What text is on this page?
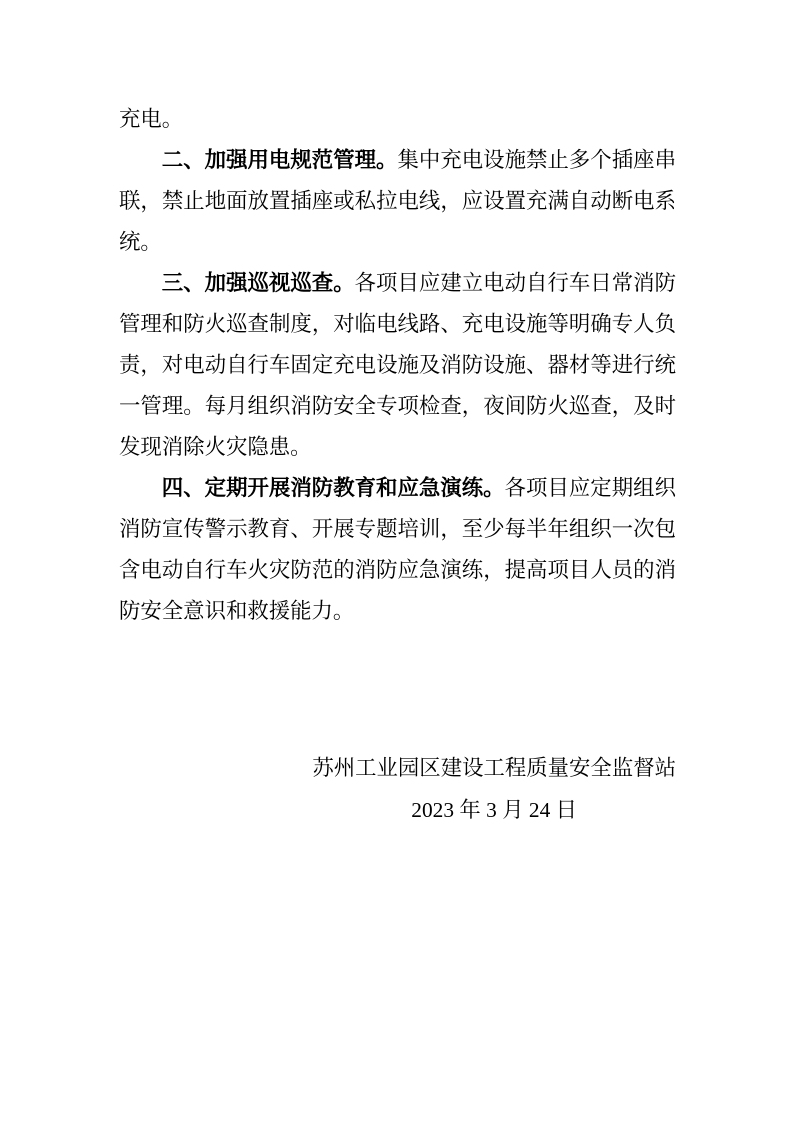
充电。

二、加强用电规范管理。集中充电设施禁止多个插座串联，禁止地面放置插座或私拉电线，应设置充满自动断电系统。

三、加强巡视巡查。各项目应建立电动自行车日常消防管理和防火巡查制度，对临电线路、充电设施等明确专人负责，对电动自行车固定充电设施及消防设施、器材等进行统一管理。每月组织消防安全专项检查，夜间防火巡查，及时发现消除火灾隐患。

四、定期开展消防教育和应急演练。各项目应定期组织消防宣传警示教育、开展专题培训，至少每半年组织一次包含电动自行车火灾防范的消防应急演练，提高项目人员的消防安全意识和救援能力。

苏州工业园区建设工程质量安全监督站
2023 年 3 月 24 日
